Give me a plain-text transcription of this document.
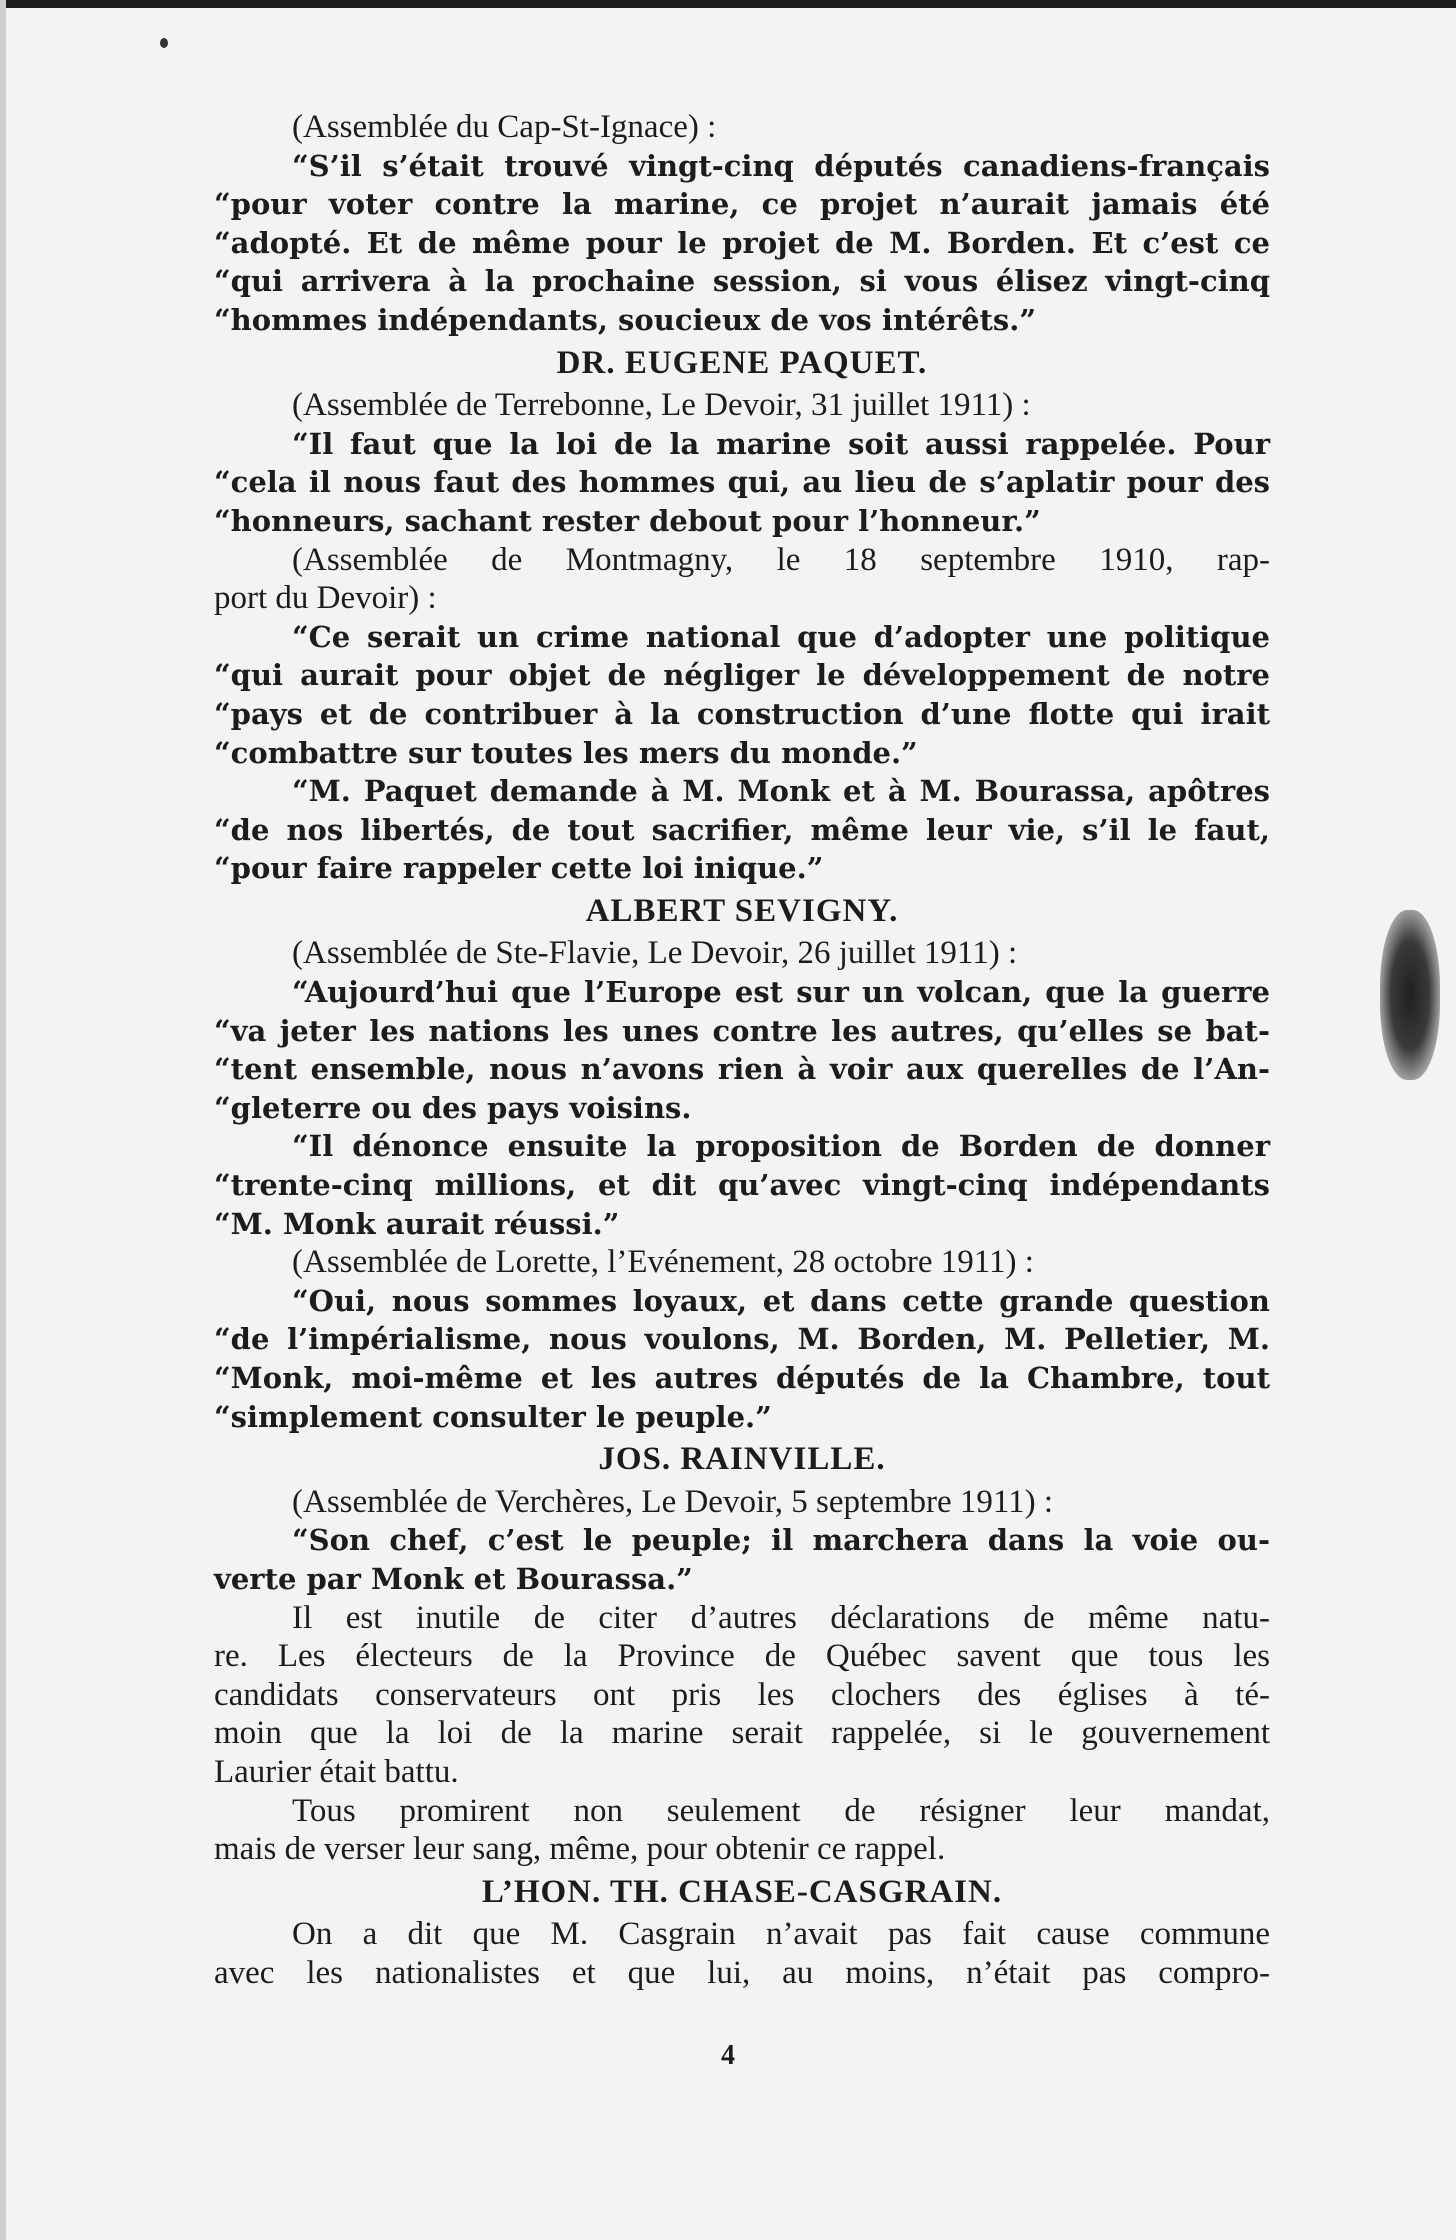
(Assemblée du Cap-St-Ignace) :

“S’il s’était trouvé vingt-cinq députés canadiens-français
“pour voter contre la marine, ce projet n’aurait jamais été
“adopté. Et de même pour le projet de M. Borden. Et c’est ce
“qui arrivera à la prochaine session, si vous élisez vingt-cinq
“hommes indépendants, soucieux de vos intérêts.”

DR. EUGENE PAQUET.

(Assemblée de Terrebonne, Le Devoir, 31 juillet 1911) :

“Il faut que la loi de la marine soit aussi rappelée. Pour
“cela il nous faut des hommes qui, au lieu de s’aplatir pour des
“honneurs, sachant rester debout pour l’honneur.”

(Assemblée de Montmagny, le 18 septembre 1910, rap-
port du Devoir) :

“Ce serait un crime national que d’adopter une politique
“qui aurait pour objet de négliger le développement de notre
“pays et de contribuer à la construction d’une flotte qui irait
“combattre sur toutes les mers du monde.”

“M. Paquet demande à M. Monk et à M. Bourassa, apôtres
“de nos libertés, de tout sacrifier, même leur vie, s’il le faut,
“pour faire rappeler cette loi inique.”

ALBERT SEVIGNY.

(Assemblée de Ste-Flavie, Le Devoir, 26 juillet 1911) :

“Aujourd’hui que l’Europe est sur un volcan, que la guerre
“va jeter les nations les unes contre les autres, qu’elles se bat-
“tent ensemble, nous n’avons rien à voir aux querelles de l’An-
“gleterre ou des pays voisins.

“Il dénonce ensuite la proposition de Borden de donner
“trente-cinq millions, et dit qu’avec vingt-cinq indépendants
“M. Monk aurait réussi.”

(Assemblée de Lorette, l’Evénement, 28 octobre 1911) :

“Oui, nous sommes loyaux, et dans cette grande question
“de l’impérialisme, nous voulons, M. Borden, M. Pelletier, M.
“Monk, moi-même et les autres députés de la Chambre, tout
“simplement consulter le peuple.”

JOS. RAINVILLE.

(Assemblée de Verchères, Le Devoir, 5 septembre 1911) :

“Son chef, c’est le peuple; il marchera dans la voie ou-
verte par Monk et Bourassa.”

Il est inutile de citer d’autres déclarations de même natu-
re. Les électeurs de la Province de Québec savent que tous les
candidats conservateurs ont pris les clochers des églises à té-
moin que la loi de la marine serait rappelée, si le gouvernement
Laurier était battu.

Tous promirent non seulement de résigner leur mandat,
mais de verser leur sang, même, pour obtenir ce rappel.

L’HON. TH. CHASE-CASGRAIN.

On a dit que M. Casgrain n’avait pas fait cause commune
avec les nationalistes et que lui, au moins, n’était pas compro-

4
